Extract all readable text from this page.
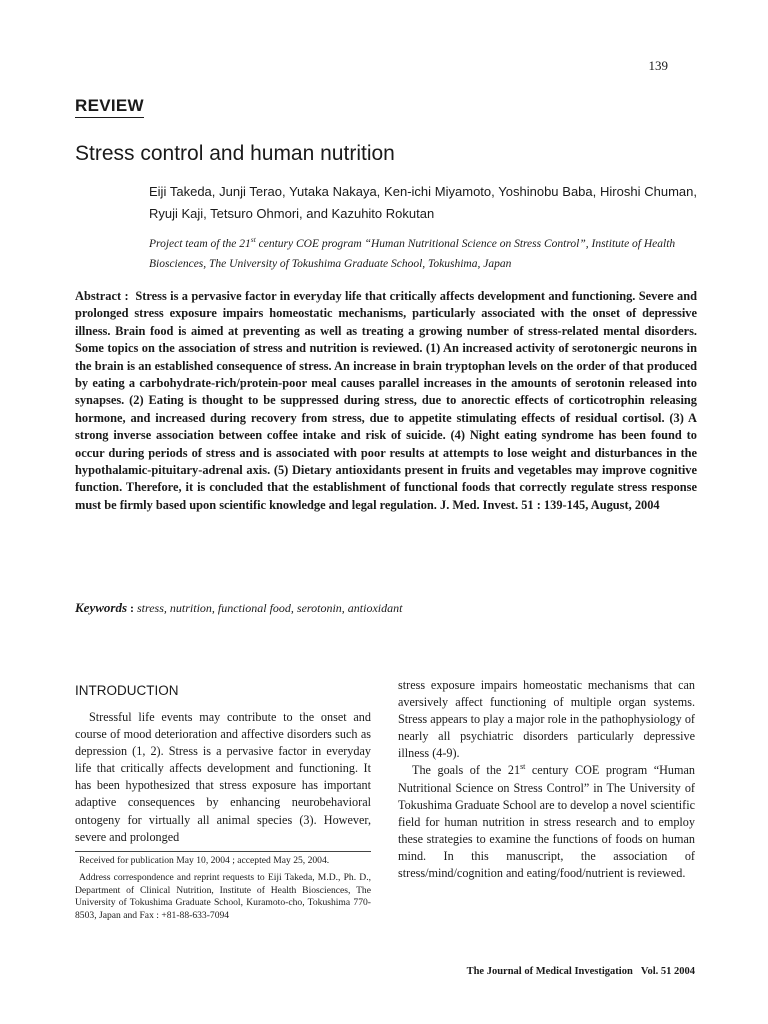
139
REVIEW
Stress control and human nutrition
Eiji Takeda, Junji Terao, Yutaka Nakaya, Ken-ichi Miyamoto, Yoshinobu Baba, Hiroshi Chuman, Ryuji Kaji, Tetsuro Ohmori, and Kazuhito Rokutan
Project team of the 21st century COE program “Human Nutritional Science on Stress Control”, Institute of Health Biosciences, The University of Tokushima Graduate School, Tokushima, Japan
Abstract : Stress is a pervasive factor in everyday life that critically affects development and functioning. Severe and prolonged stress exposure impairs homeostatic mechanisms, particularly associated with the onset of depressive illness. Brain food is aimed at preventing as well as treating a growing number of stress-related mental disorders. Some topics on the association of stress and nutrition is reviewed. (1) An increased activity of serotonergic neurons in the brain is an established consequence of stress. An increase in brain tryptophan levels on the order of that produced by eating a carbohydrate-rich/protein-poor meal causes parallel increases in the amounts of serotonin released into synapses. (2) Eating is thought to be suppressed during stress, due to anorectic effects of corticotrophin releasing hormone, and increased during recovery from stress, due to appetite stimulating effects of residual cortisol. (3) A strong inverse association between coffee intake and risk of suicide. (4) Night eating syndrome has been found to occur during periods of stress and is associated with poor results at attempts to lose weight and disturbances in the hypothalamic-pituitary-adrenal axis. (5) Dietary antioxidants present in fruits and vegetables may improve cognitive function. Therefore, it is concluded that the establishment of functional foods that correctly regulate stress response must be firmly based upon scientific knowledge and legal regulation. J. Med. Invest. 51 : 139-145, August, 2004
Keywords : stress, nutrition, functional food, serotonin, antioxidant
INTRODUCTION

Stressful life events may contribute to the onset and course of mood deterioration and affective disorders such as depression (1, 2). Stress is a pervasive factor in everyday life that critically affects development and functioning. It has been hypothesized that stress exposure has important adaptive consequences by enhancing neurobehavioral ontogeny for virtually all animal species (3). However, severe and prolonged

stress exposure impairs homeostatic mechanisms that can aversively affect functioning of multiple organ systems. Stress appears to play a major role in the pathophysiology of nearly all psychiatric disorders particularly depressive illness (4-9).

The goals of the 21st century COE program “Human Nutritional Science on Stress Control” in The University of Tokushima Graduate School are to develop a novel scientific field for human nutrition in stress research and to employ these strategies to examine the functions of foods on human mind. In this manuscript, the association of stress/mind/cognition and eating/food/nutrient is reviewed.

Received for publication May 10, 2004 ; accepted May 25, 2004.

Address correspondence and reprint requests to Eiji Takeda, M.D., Ph. D., Department of Clinical Nutrition, Institute of Health Biosciences, The University of Tokushima Graduate School, Kuramoto-cho, Tokushima 770-8503, Japan and Fax : +81-88-633-7094

The Journal of Medical Investigation Vol. 51 2004
